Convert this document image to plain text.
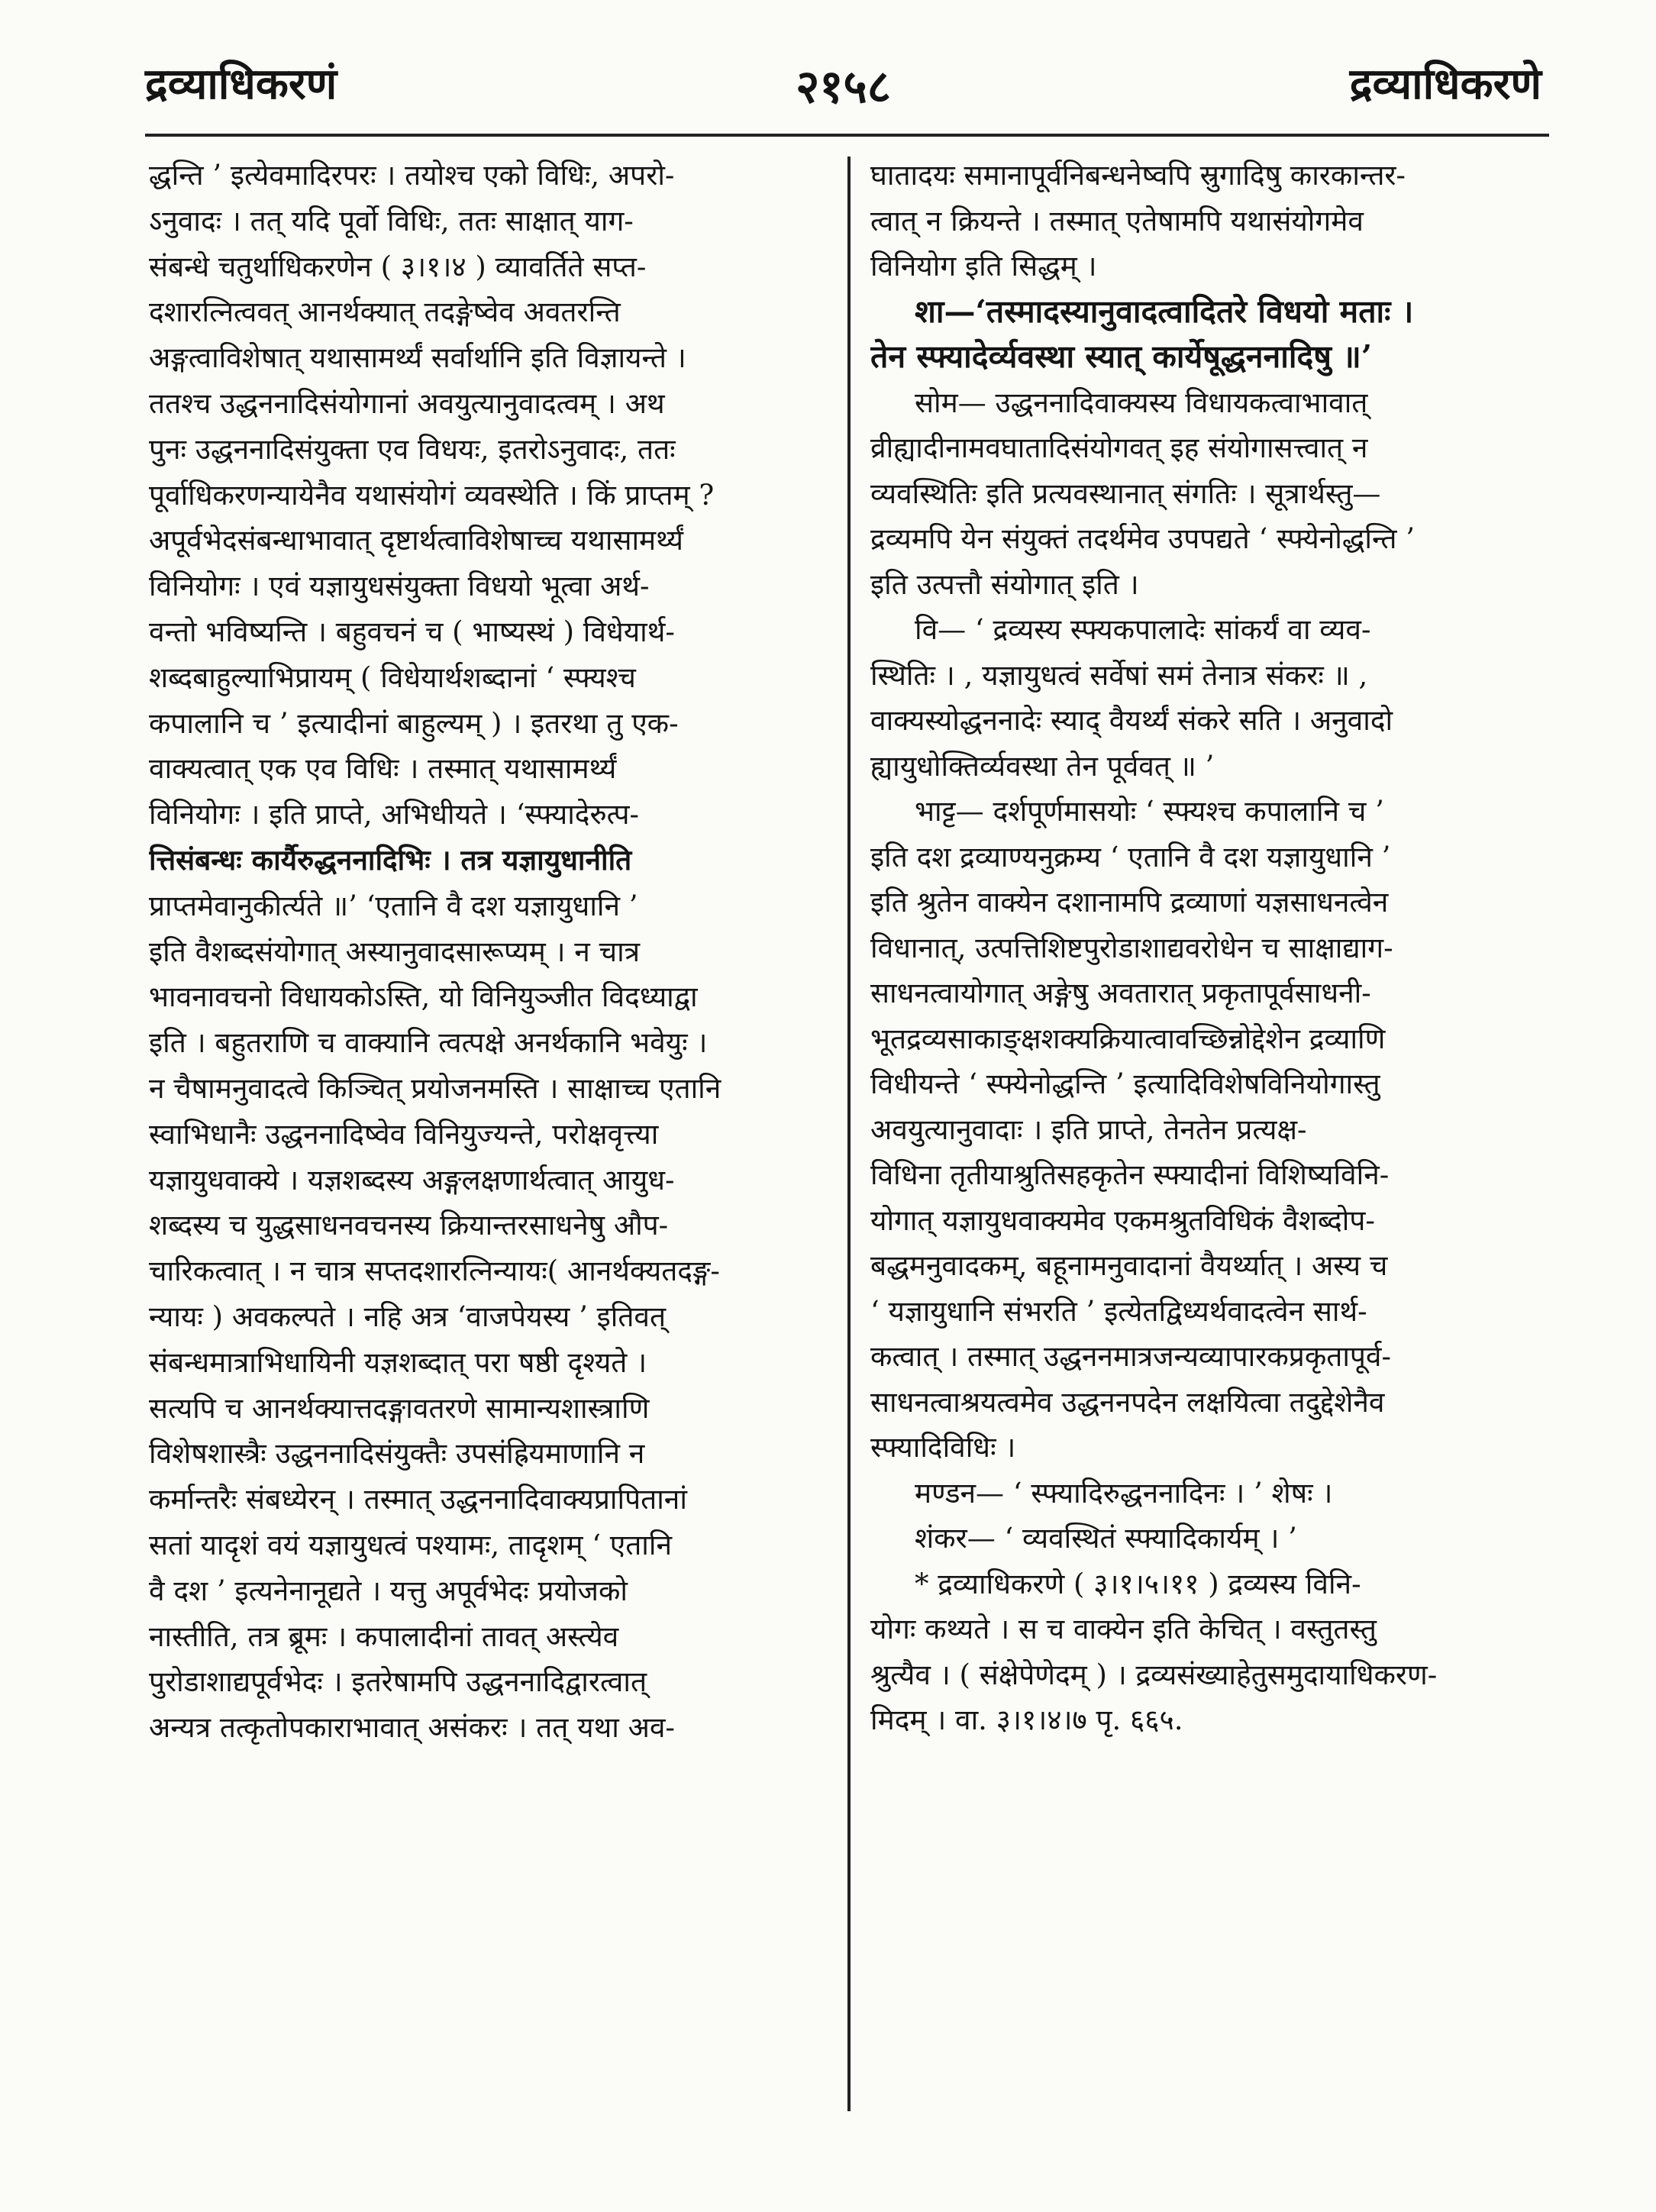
द्रव्याधिकरणं	२१५८	द्रव्याधिकरणे
द्धन्ति ’ इत्येवमादिरपरः । तयोश्च एको विधिः, अपरो-
ऽनुवादः । तत् यदि पूर्वो विधिः, ततः साक्षात् याग-
संबन्धे चतुर्थाधिकरणेन ( ३।१।४ ) व्यावर्तिते सप्त-
दशारत्नित्ववत् आनर्थक्यात् तदङ्गेष्वेव अवतरन्ति
अङ्गत्वाविशेषात् यथासामर्थ्यं सर्वार्थानि इति विज्ञायन्ते ।
ततश्च उद्धननादिसंयोगानां अवयुत्यानुवादत्वम् । अथ
पुनः उद्धननादिसंयुक्ता एव विधयः, इतरोऽनुवादः, ततः
पूर्वाधिकरणन्यायेनैव यथासंयोगं व्यवस्थेति । किं प्राप्तम् ?
अपूर्वभेदसंबन्धाभावात् दृष्टार्थत्वाविशेषाच्च यथासामर्थ्यं
विनियोगः । एवं यज्ञायुधसंयुक्ता विधयो भूत्वा अर्थ-
वन्तो भविष्यन्ति । बहुवचनं च ( भाष्यस्थं ) विधेयार्थ-
शब्दबाहुल्याभिप्रायम् ( विधेयार्थशब्दानां ‘ स्फ्यश्च
कपालानि च ’ इत्यादीनां बाहुल्यम् ) । इतरथा तु एक-
वाक्यत्वात् एक एव विधिः । तस्मात् यथासामर्थ्यं
विनियोगः । इति प्राप्ते, अभिधीयते । ‘स्फ्यादेरुत्प-
त्तिसंबन्धः कार्यैरुद्धननादिभिः । तत्र यज्ञायुधानीति
प्राप्तमेवानुकीर्त्यते ॥’ ‘एतानि वै दश यज्ञायुधानि ’
इति वैशब्दसंयोगात् अस्यानुवादसारूप्यम् । न चात्र
भावनावचनो विधायकोऽस्ति, यो विनियुञ्जीत विदध्याद्वा
इति । बहुतराणि च वाक्यानि त्वत्पक्षे अनर्थकानि भवेयुः ।
न चैषामनुवादत्वे किञ्चित् प्रयोजनमस्ति । साक्षाच्च एतानि
स्वाभिधानैः उद्धननादिष्वेव विनियुज्यन्ते, परोक्षवृत्त्या
यज्ञायुधवाक्ये । यज्ञशब्दस्य अङ्गलक्षणार्थत्वात् आयुध-
शब्दस्य च युद्धसाधनवचनस्य क्रियान्तरसाधनेषु औप-
चारिकत्वात् । न चात्र सप्तदशारत्निन्यायः( आनर्थक्यतदङ्ग-
न्यायः ) अवकल्पते । नहि अत्र ‘वाजपेयस्य ’ इतिवत्
संबन्धमात्राभिधायिनी यज्ञशब्दात् परा षष्ठी दृश्यते ।
सत्यपि च आनर्थक्यात्तदङ्गावतरणे सामान्यशास्त्राणि
विशेषशास्त्रैः उद्धननादिसंयुक्तैः उपसंह्रियमाणानि न
कर्मान्तरैः संबध्येरन् । तस्मात् उद्धननादिवाक्यप्रापितानां
सतां यादृशं वयं यज्ञायुधत्वं पश्यामः, तादृशम् ‘ एतानि
वै दश ’ इत्यनेनानूद्यते । यत्तु अपूर्वभेदः प्रयोजको
नास्तीति, तत्र ब्रूमः । कपालादीनां तावत् अस्त्येव
पुरोडाशाद्यपूर्वभेदः । इतरेषामपि उद्धननादिद्वारत्वात्
अन्यत्र तत्कृतोपकाराभावात् असंकरः । तत् यथा अव-
घातादयः समानापूर्वनिबन्धनेष्वपि स्रुगादिषु कारकान्तर-
त्वात् न क्रियन्ते । तस्मात् एतेषामपि यथासंयोगमेव
विनियोग इति सिद्धम् ।
शा—‘तस्मादस्यानुवादत्वादितरे विधयो मताः ।
तेन स्फ्यादेर्व्यवस्था स्यात् कार्येषूद्धननादिषु ॥’
सोम— उद्धननादिवाक्यस्य विधायकत्वाभावात्
व्रीह्यादीनामवघातादिसंयोगवत् इह संयोगासत्त्वात् न
व्यवस्थितिः इति प्रत्यवस्थानात् संगतिः । सूत्रार्थस्तु—
द्रव्यमपि येन संयुक्तं तदर्थमेव उपपद्यते ‘ स्फ्येनोद्धन्ति ’
इति उत्पत्तौ संयोगात् इति ।
वि— ‘ द्रव्यस्य स्फ्यकपालादेः सांकर्यं वा व्यव-
स्थितिः । , यज्ञायुधत्वं सर्वेषां समं तेनात्र संकरः ॥ ,
वाक्यस्योद्धननादेः स्याद् वैयर्थ्यं संकरे सति । अनुवादो
ह्यायुधोक्तिर्व्यवस्था तेन पूर्ववत् ॥ ’
भाट्ट— दर्शपूर्णमासयोः ‘ स्फ्यश्च कपालानि च ’
इति दश द्रव्याण्यनुक्रम्य ‘ एतानि वै दश यज्ञायुधानि ’
इति श्रुतेन वाक्येन दशानामपि द्रव्याणां यज्ञसाधनत्वेन
विधानात्, उत्पत्तिशिष्टपुरोडाशाद्यवरोधेन च साक्षाद्याग-
साधनत्वायोगात् अङ्गेषु अवतारात् प्रकृतापूर्वसाधनी-
भूतद्रव्यसाकाङ्क्षशक्यक्रियात्वावच्छिन्नोद्देशेन द्रव्याणि
विधीयन्ते ‘ स्फ्येनोद्धन्ति ’ इत्यादिविशेषविनियोगास्तु
अवयुत्यानुवादाः । इति प्राप्ते, तेनतेन प्रत्यक्ष-
विधिना तृतीयाश्रुतिसहकृतेन स्फ्यादीनां विशिष्यविनि-
योगात् यज्ञायुधवाक्यमेव एकमश्रुतविधिकं वैशब्दोप-
बद्धमनुवादकम्, बहूनामनुवादानां वैयर्थ्यात् । अस्य च
‘ यज्ञायुधानि संभरति ’ इत्येतद्विध्यर्थवादत्वेन सार्थ-
कत्वात् । तस्मात् उद्धननमात्रजन्यव्यापारकप्रकृतापूर्व-
साधनत्वाश्रयत्वमेव उद्धननपदेन लक्षयित्वा तदुद्देशेनैव
स्फ्यादिविधिः ।
मण्डन— ‘ स्फ्यादिरुद्धननादिनः । ’ शेषः ।
शंकर— ‘ व्यवस्थितं स्फ्यादिकार्यम् । ’
* द्रव्याधिकरणे ( ३।१।५।११ ) द्रव्यस्य विनि-
योगः कथ्यते । स च वाक्येन इति केचित् । वस्तुतस्तु
श्रुत्यैव । ( संक्षेपेणेदम् ) । द्रव्यसंख्याहेतुसमुदायाधिकरण-
मिदम् । वा. ३।१।४।७ पृ. ६६५.
